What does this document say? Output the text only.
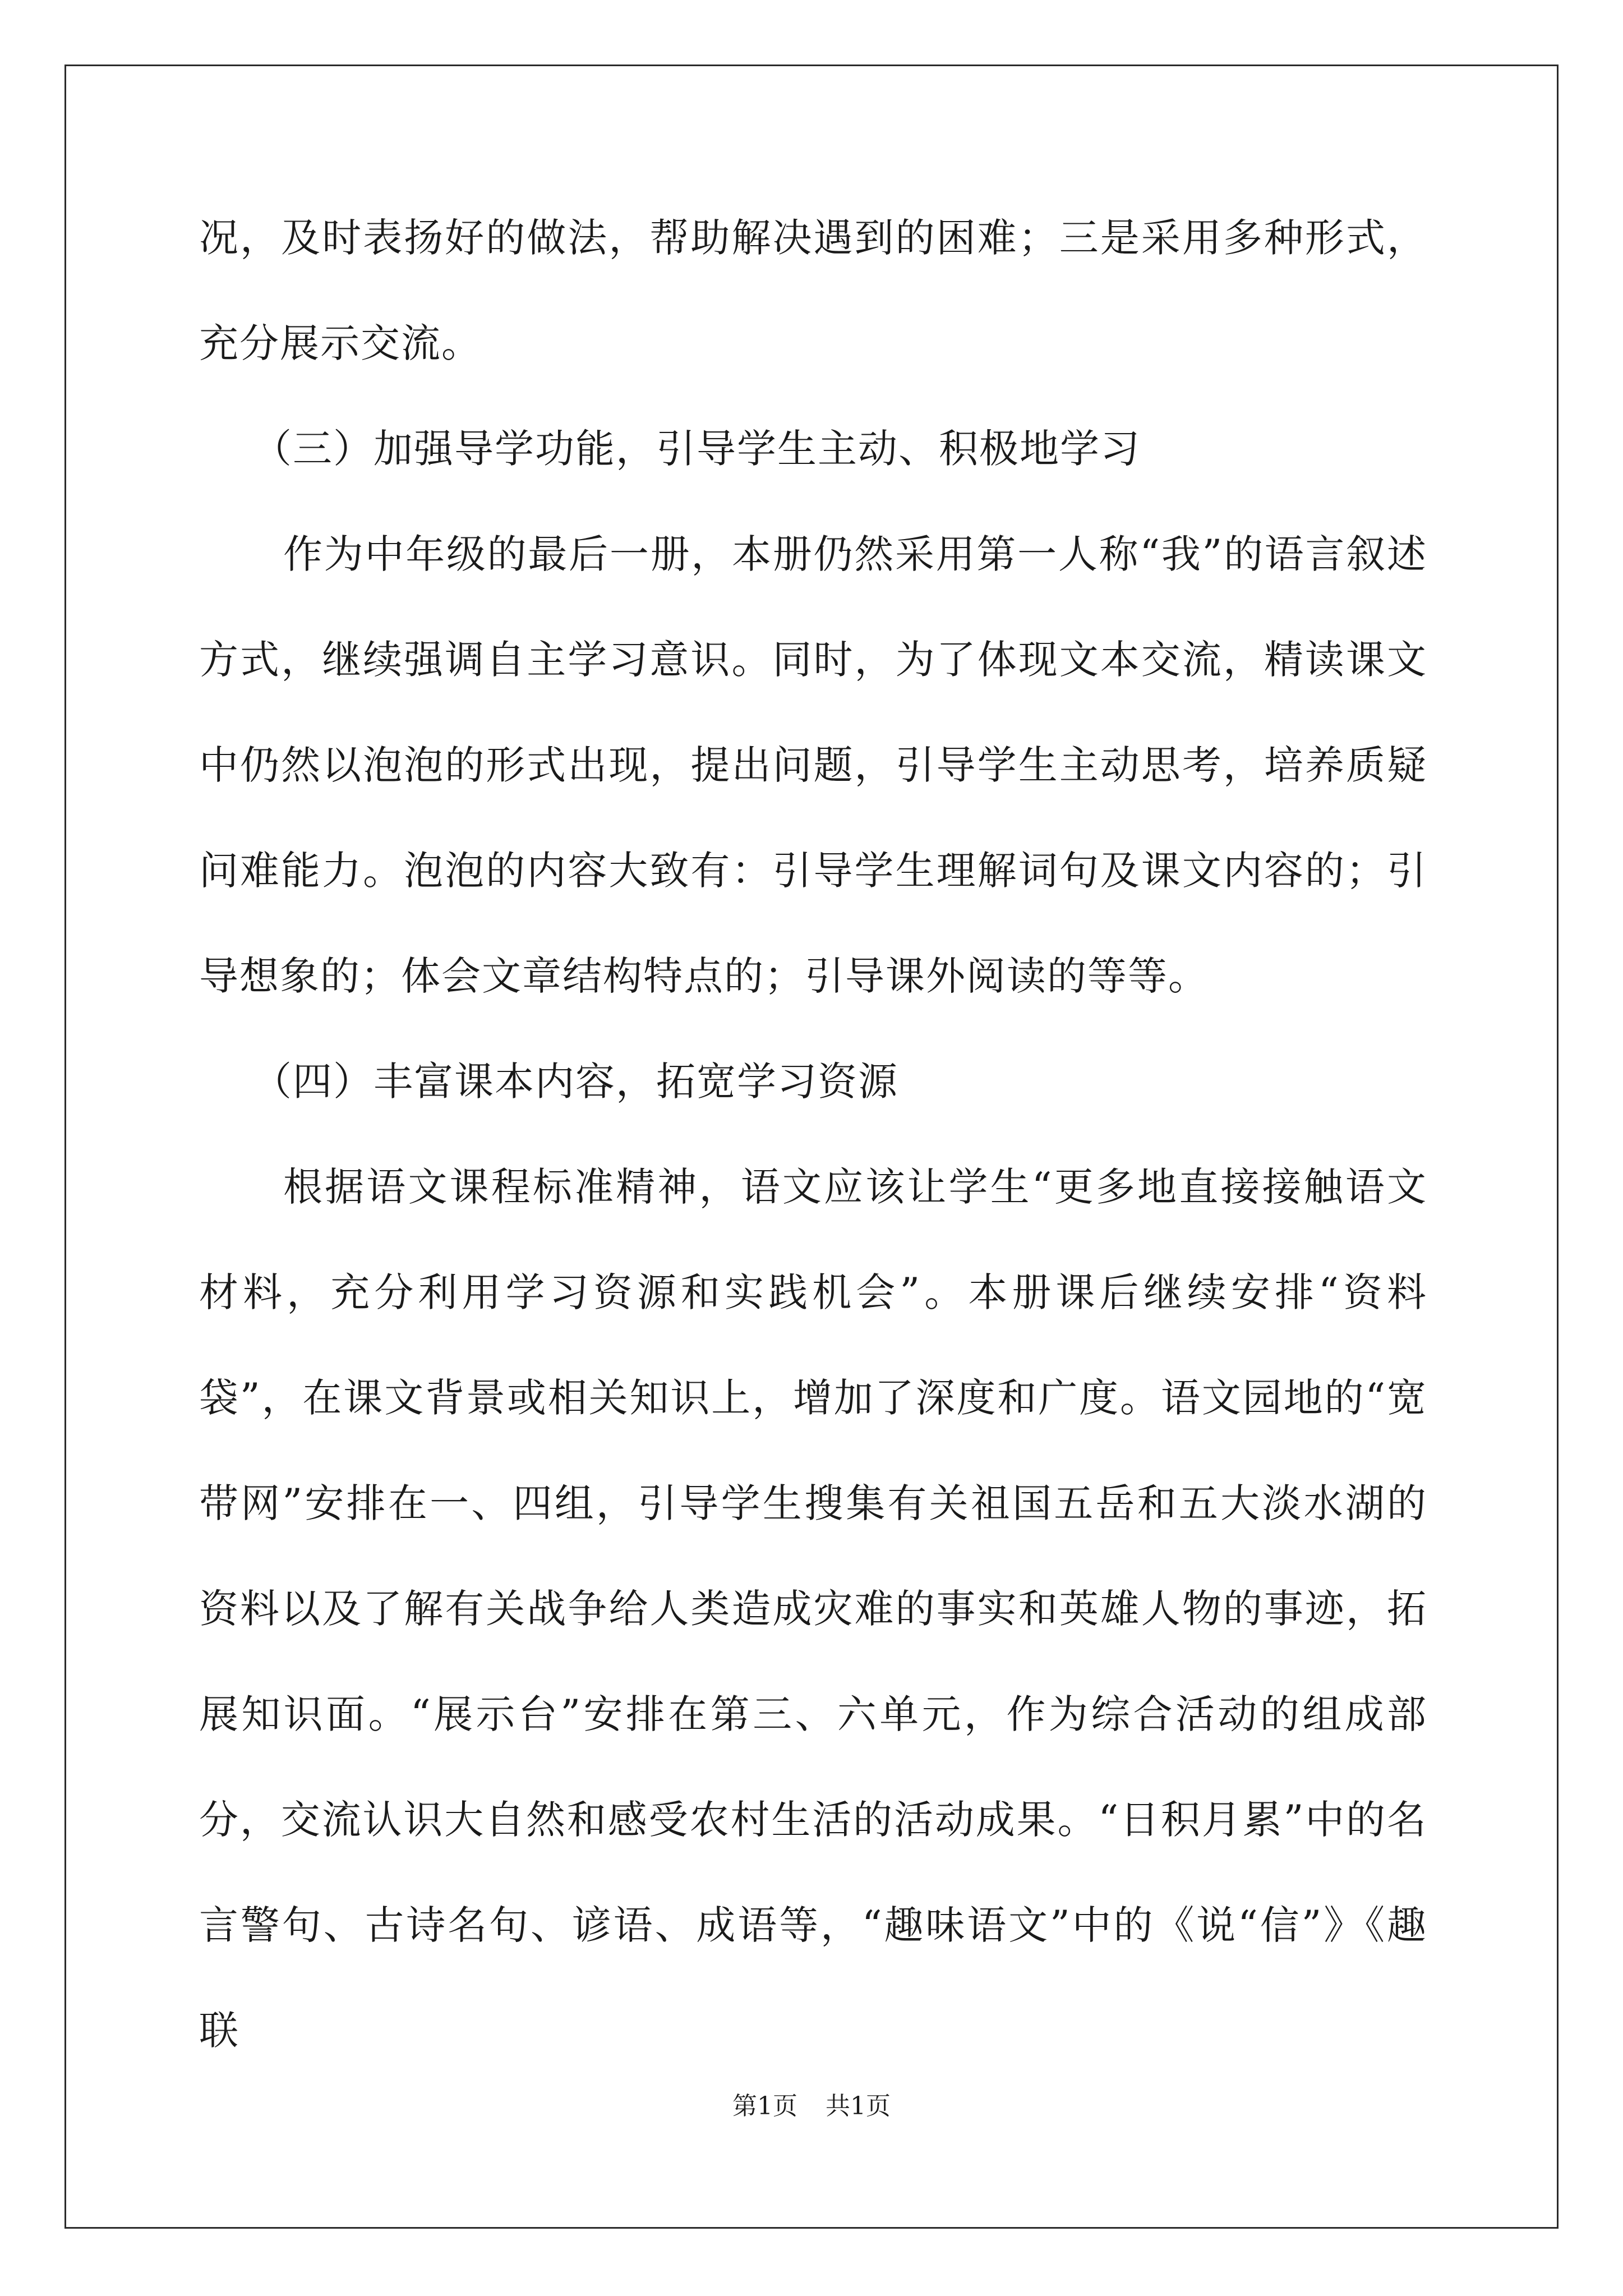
况，及时表扬好的做法，帮助解决遇到的困难；三是采用多种形式，充分展示交流。

（三）加强导学功能，引导学生主动、积极地学习

作为中年级的最后一册，本册仍然采用第一人称“我”的语言叙述方式，继续强调自主学习意识。同时，为了体现文本交流，精读课文中仍然以泡泡的形式出现，提出问题，引导学生主动思考，培养质疑问难能力。泡泡的内容大致有：引导学生理解词句及课文内容的；引导想象的；体会文章结构特点的；引导课外阅读的等等。

（四）丰富课本内容，拓宽学习资源

根据语文课程标准精神，语文应该让学生“更多地直接接触语文材料，充分利用学习资源和实践机会”。本册课后继续安排“资料袋”，在课文背景或相关知识上，增加了深度和广度。语文园地的“宽带网”安排在一、四组，引导学生搜集有关祖国五岳和五大淡水湖的资料以及了解有关战争给人类造成灾难的事实和英雄人物的事迹，拓展知识面。“展示台”安排在第三、六单元，作为综合活动的组成部分，交流认识大自然和感受农村生活的活动成果。“日积月累”中的名言警句、古诗名句、谚语、成语等，“趣味语文”中的《说“信”》《趣联

第1页 共1页
